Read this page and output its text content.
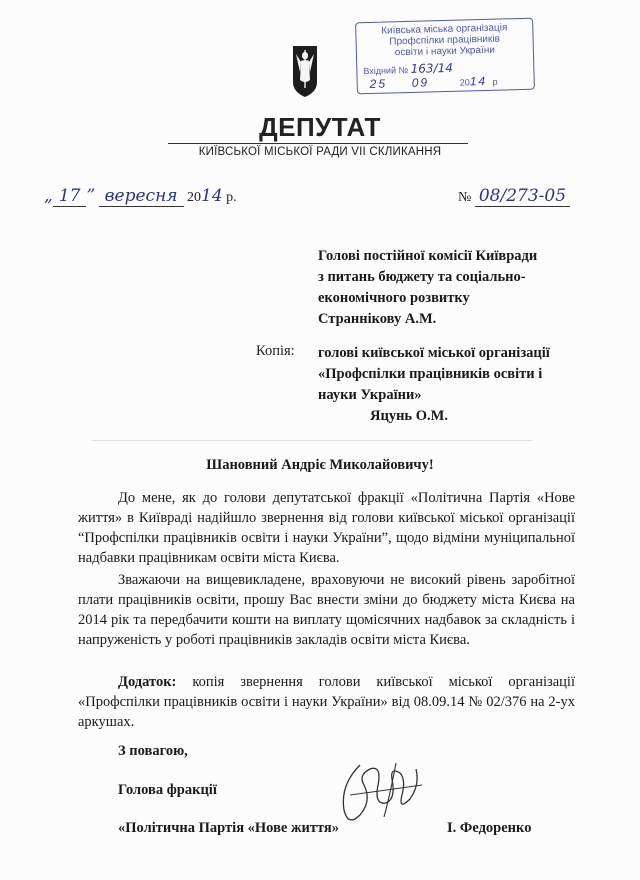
Київська міська організація
Профспілки працівників
освіти і науки України
Вхідний № 163/14
25 09	2014 р
ДЕПУТАТ
КИЇВСЬКОЇ МІСЬКОЇ РАДИ VII СКЛИКАННЯ
„ 17 ” вересня 2014 р.	№ 08/273-05
Голові постійної комісії Київради
з питань бюджету та соціально-
економічного розвитку
Страннікову А.М.
Копія: голові київської міської організації
«Профспілки працівників освіти і
науки України»
Яцунь О.М.
Шановний Андріє Миколайовичу!
До мене, як до голови депутатської фракції «Політична Партія «Нове життя» в Київраді надійшло звернення від голови київської міської організації “Профспілки працівників освіти і науки України”, щодо відміни муніципальної надбавки працівникам освіти міста Києва.
Зважаючи на вищевикладене, враховуючи не високий рівень заробітної плати працівників освіти, прошу Вас внести зміни до бюджету міста Києва на 2014 рік та передбачити кошти на виплату щомісячних надбавок за складність і напруженість у роботі працівників закладів освіти міста Києва.
Додаток: копія звернення голови київської міської організації «Профспілки працівників освіти і науки України» від 08.09.14 № 02/376 на 2-ух аркушах.
З повагою,
Голова фракції
«Політична Партія «Нове життя»	І. Федоренко
